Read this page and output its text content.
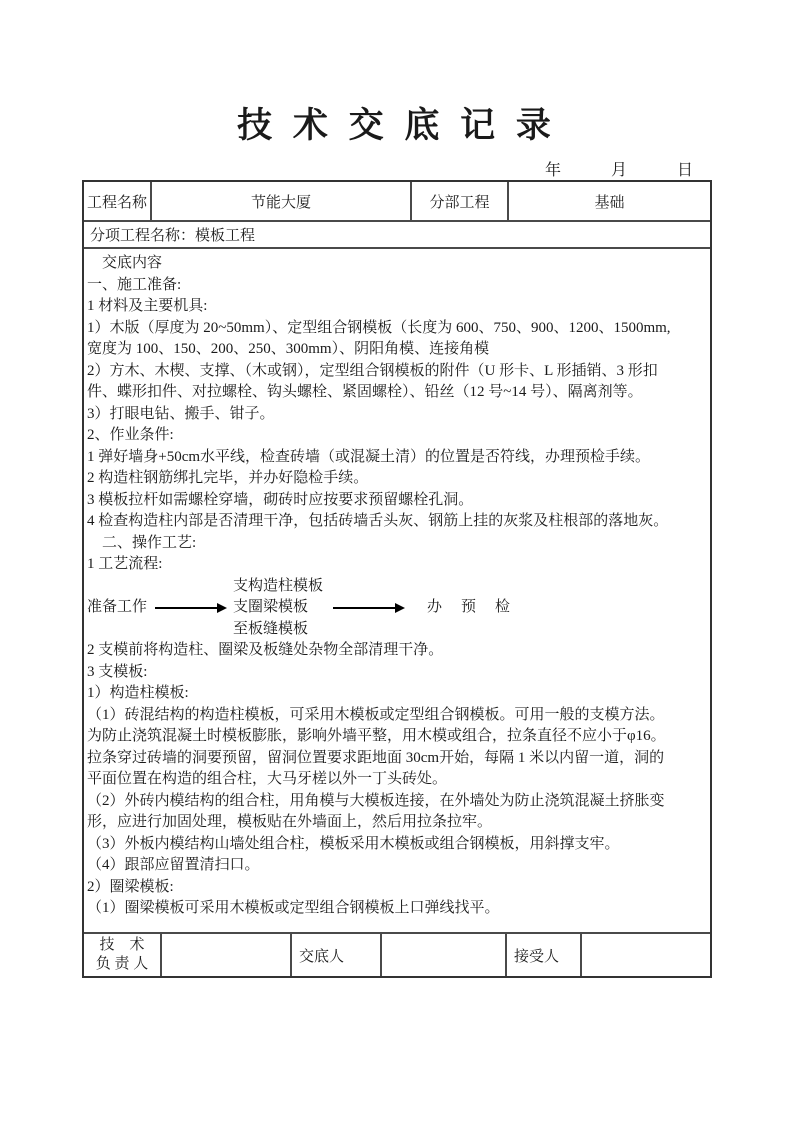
技 术 交 底 记 录
年	月	日
工程名称	节能大厦	分部工程	基础
分项工程名称：模板工程
　交底内容
一、施工准备:
1 材料及主要机具:
1）木版（厚度为 20~50mm）、定型组合钢模板（长度为 600、750、900、1200、1500mm,
宽度为 100、150、200、250、300mm）、阴阳角模、连接角模
2）方木、木楔、支撑、（木或钢），定型组合钢模板的附件（U 形卡、L 形插销、3 形扣
件、蝶形扣件、对拉螺栓、钩头螺栓、紧固螺栓）、铅丝（12 号~14 号）、隔离剂等。
3）打眼电钻、搬手、钳子。
2、作业条件:
1 弹好墙身+50cm水平线，检查砖墙（或混凝土清）的位置是否符线，办理预检手续。
2 构造柱钢筋绑扎完毕，并办好隐检手续。
3 模板拉杆如需螺栓穿墙，砌砖时应按要求预留螺栓孔洞。
4 检查构造柱内部是否清理干净，包括砖墙舌头灰、钢筋上挂的灰浆及柱根部的落地灰。
　二、操作工艺:
1 工艺流程:
准备工作
支构造柱模板
支圈梁模板
至板缝模板
办　预　检
2 支模前将构造柱、圈梁及板缝处杂物全部清理干净。
3 支模板:
1）构造柱模板:
（1）砖混结构的构造柱模板，可采用木模板或定型组合钢模板。可用一般的支模方法。
为防止浇筑混凝土时模板膨胀，影响外墙平整，用木模或组合，拉条直径不应小于φ16。
拉条穿过砖墙的洞要预留，留洞位置要求距地面 30cm开始，每隔 1 米以内留一道，洞的
平面位置在构造的组合柱，大马牙槎以外一丁头砖处。
（2）外砖内模结构的组合柱，用角模与大模板连接，在外墙处为防止浇筑混凝土挤胀变
形，应进行加固处理，模板贴在外墙面上，然后用拉条拉牢。
（3）外板内模结构山墙处组合柱，模板采用木模板或组合钢模板，用斜撑支牢。
（4）跟部应留置清扫口。
2）圈梁模板:
（1）圈梁模板可采用木模板或定型组合钢模板上口弹线找平。
技　术
负 责 人	交底人	接受人
